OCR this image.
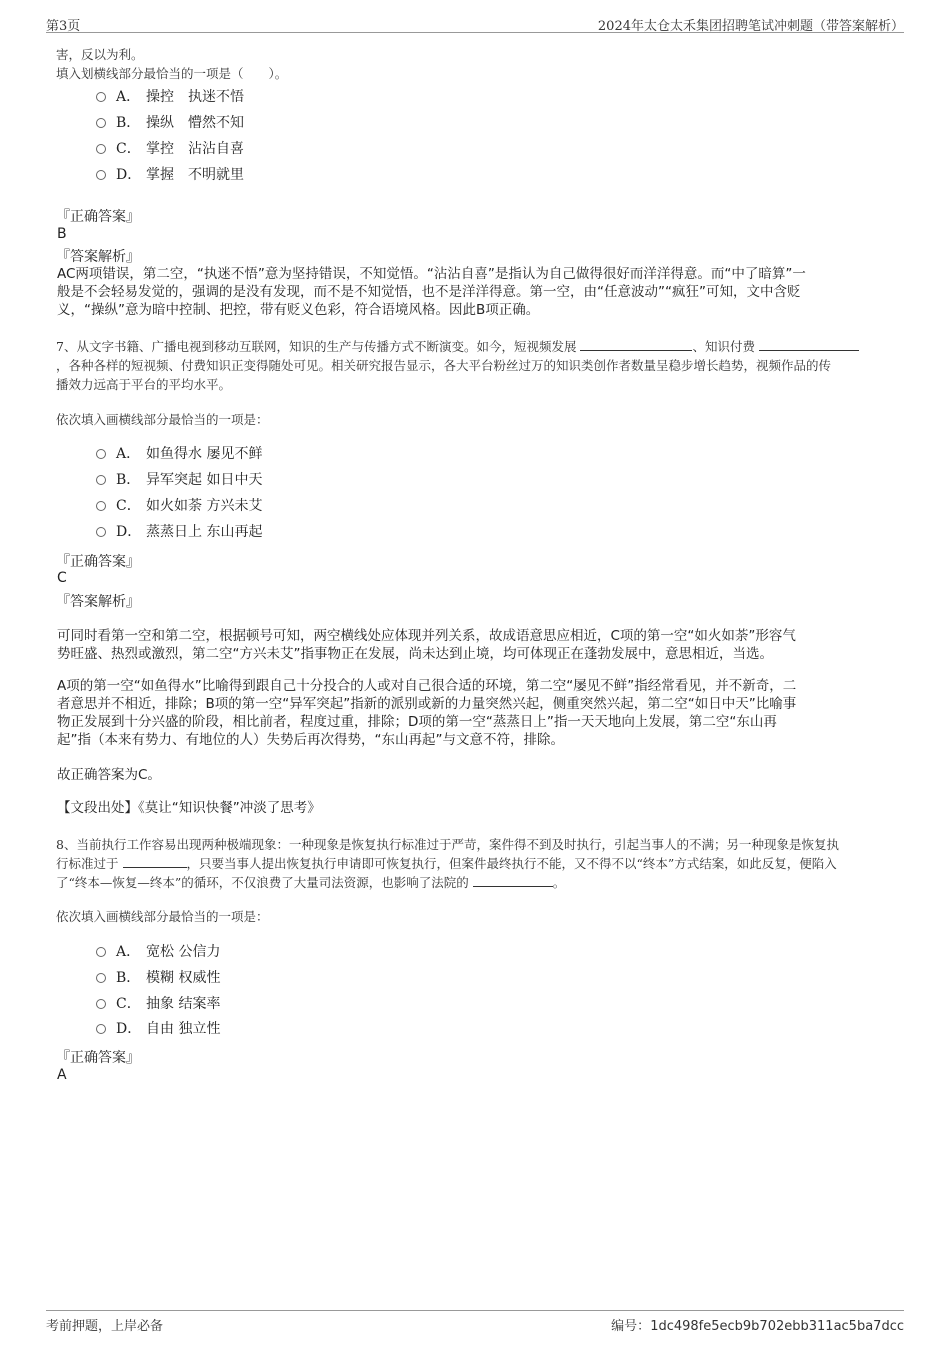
第3页	2024年太仓太禾集团招聘笔试冲刺题（带答案解析）
害，反以为利。
填入划横线部分最恰当的一项是（　　）。
A． 操控 执迷不悟
B． 操纵 懵然不知
C． 掌控 沾沾自喜
D． 掌握 不明就里
『正确答案』
B
『答案解析』
AC两项错误，第二空，“执迷不悟”意为坚持错误，不知觉悟。“沾沾自喜”是指认为自己做得很好而洋洋得意。而“中了暗算”一
般是不会轻易发觉的，强调的是没有发现，而不是不知觉悟，也不是洋洋得意。第一空，由“任意波动”“疯狂”可知，文中含贬
义，“操纵”意为暗中控制、把控，带有贬义色彩，符合语境风格。因此B项正确。
7、从文字书籍、广播电视到移动互联网，知识的生产与传播方式不断演变。如今，短视频发展	、知识付费
，各种各样的短视频、付费知识正变得随处可见。相关研究报告显示，各大平台粉丝过万的知识类创作者数量呈稳步增长趋势，视频作品的传
播效力远高于平台的平均水平。
依次填入画横线部分最恰当的一项是：
A． 如鱼得水 屡见不鲜
B． 异军突起 如日中天
C． 如火如荼 方兴未艾
D． 蒸蒸日上 东山再起
『正确答案』
C
『答案解析』
可同时看第一空和第二空，根据顿号可知，两空横线处应体现并列关系，故成语意思应相近，C项的第一空“如火如荼”形容气
势旺盛、热烈或激烈，第二空“方兴未艾”指事物正在发展，尚未达到止境，均可体现正在蓬勃发展中，意思相近，当选。
A项的第一空“如鱼得水”比喻得到跟自己十分投合的人或对自己很合适的环境，第二空“屡见不鲜”指经常看见，并不新奇，二
者意思并不相近，排除；B项的第一空“异军突起”指新的派别或新的力量突然兴起，侧重突然兴起，第二空“如日中天”比喻事
物正发展到十分兴盛的阶段，相比前者，程度过重，排除；D项的第一空“蒸蒸日上”指一天天地向上发展，第二空“东山再
起”指（本来有势力、有地位的人）失势后再次得势，“东山再起”与文意不符，排除。
故正确答案为C。
【文段出处】《莫让“知识快餐”冲淡了思考》
8、当前执行工作容易出现两种极端现象：一种现象是恢复执行标准过于严苛，案件得不到及时执行，引起当事人的不满；另一种现象是恢复执
行标准过于	，只要当事人提出恢复执行申请即可恢复执行，但案件最终执行不能，又不得不以“终本”方式结案，如此反复，便陷入
了“终本—恢复—终本”的循环，不仅浪费了大量司法资源，也影响了法院的	。
依次填入画横线部分最恰当的一项是：
A． 宽松 公信力
B． 模糊 权威性
C． 抽象 结案率
D． 自由 独立性
『正确答案』
A
考前押题，上岸必备	编号：1dc498fe5ecb9b702ebb311ac5ba7dcc
